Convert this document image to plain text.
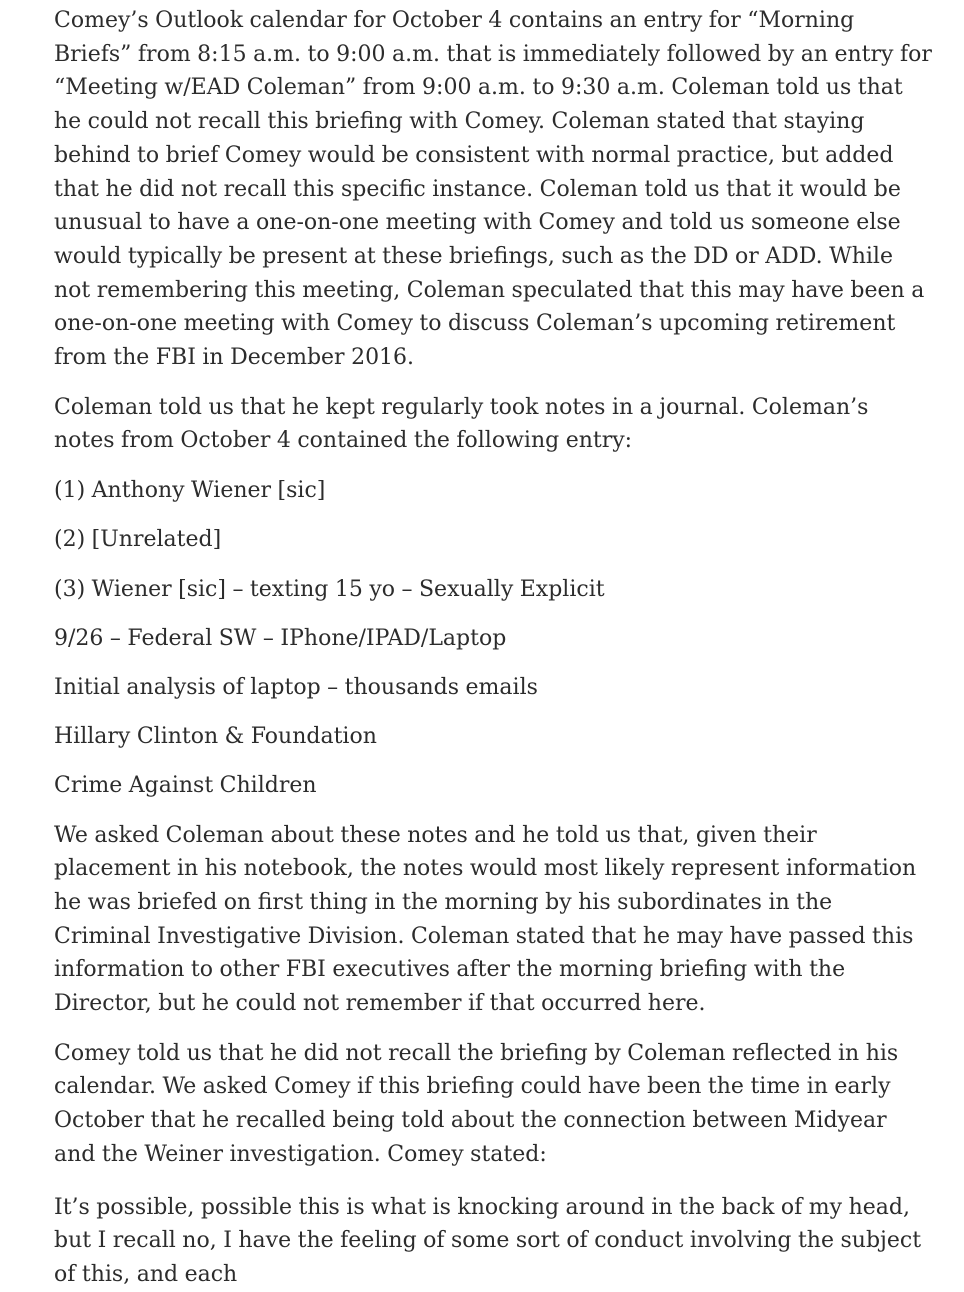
Comey’s Outlook calendar for October 4 contains an entry for “Morning Briefs” from 8:15 a.m. to 9:00 a.m. that is immediately followed by an entry for “Meeting w/EAD Coleman” from 9:00 a.m. to 9:30 a.m. Coleman told us that he could not recall this briefing with Comey. Coleman stated that staying behind to brief Comey would be consistent with normal practice, but added that he did not recall this specific instance. Coleman told us that it would be unusual to have a one-on-one meeting with Comey and told us someone else would typically be present at these briefings, such as the DD or ADD. While not remembering this meeting, Coleman speculated that this may have been a one-on-one meeting with Comey to discuss Coleman’s upcoming retirement from the FBI in December 2016.

Coleman told us that he kept regularly took notes in a journal. Coleman’s notes from October 4 contained the following entry:

(1) Anthony Wiener [sic]

(2) [Unrelated]

(3) Wiener [sic] – texting 15 yo – Sexually Explicit

9/26 – Federal SW – IPhone/IPAD/Laptop

Initial analysis of laptop – thousands emails

Hillary Clinton & Foundation

Crime Against Children

We asked Coleman about these notes and he told us that, given their placement in his notebook, the notes would most likely represent information he was briefed on first thing in the morning by his subordinates in the Criminal Investigative Division. Coleman stated that he may have passed this information to other FBI executives after the morning briefing with the Director, but he could not remember if that occurred here.

Comey told us that he did not recall the briefing by Coleman reflected in his calendar. We asked Comey if this briefing could have been the time in early October that he recalled being told about the connection between Midyear and the Weiner investigation. Comey stated:

It’s possible, possible this is what is knocking around in the back of my head, but I recall no, I have the feeling of some sort of conduct involving the subject of this, and each
